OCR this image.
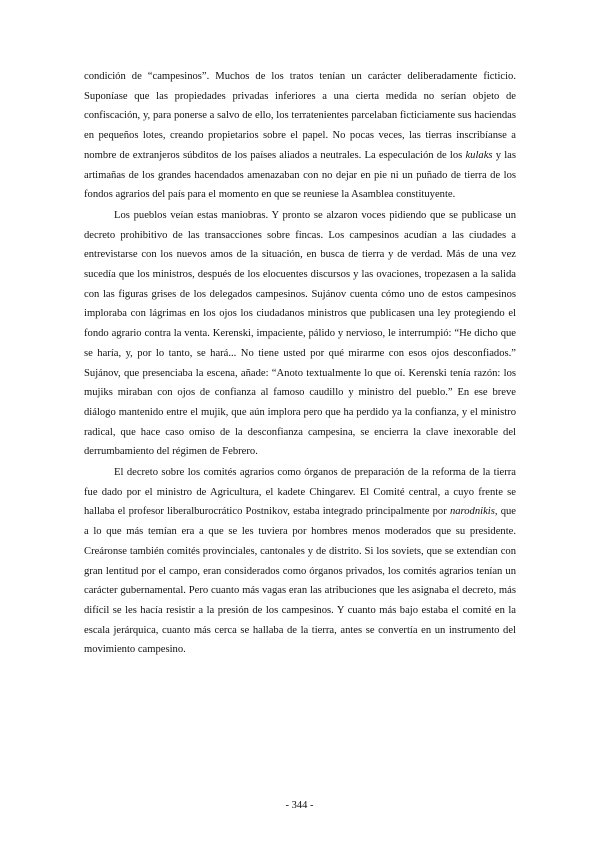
condición de “campesinos”. Muchos de los tratos tenían un carácter deliberadamente ficticio. Suponíase que las propiedades privadas inferiores a una cierta medida no serían objeto de confiscación, y, para ponerse a salvo de ello, los terratenientes parcelaban ficticiamente sus haciendas en pequeños lotes, creando propietarios sobre el papel. No pocas veces, las tierras inscribíanse a nombre de extranjeros súbditos de los países aliados a neutrales. La especulación de los kulaks y las artimañas de los grandes hacendados amenazaban con no dejar en pie ni un puñado de tierra de los fondos agrarios del país para el momento en que se reuniese la Asamblea constituyente.

Los pueblos veían estas maniobras. Y pronto se alzaron voces pidiendo que se publicase un decreto prohibitivo de las transacciones sobre fincas. Los campesinos acudían a las ciudades a entrevistarse con los nuevos amos de la situación, en busca de tierra y de verdad. Más de una vez sucedía que los ministros, después de los elocuentes discursos y las ovaciones, tropezasen a la salida con las figuras grises de los delegados campesinos. Sujánov cuenta cómo uno de estos campesinos imploraba con lágrimas en los ojos los ciudadanos ministros que publicasen una ley protegiendo el fondo agrario contra la venta. Kerenski, impaciente, pálido y nervioso, le interrumpió: “He dicho que se haría, y, por lo tanto, se hará... No tiene usted por qué mirarme con esos ojos desconfiados.” Sujánov, que presenciaba la escena, añade: “Anoto textualmente lo que oí. Kerenski tenía razón: los mujiks miraban con ojos de confianza al famoso caudillo y ministro del pueblo.” En ese breve diálogo mantenido entre el mujik, que aún implora pero que ha perdido ya la confianza, y el ministro radical, que hace caso omiso de la desconfianza campesina, se encierra la clave inexorable del derrumbamiento del régimen de Febrero.

El decreto sobre los comités agrarios como órganos de preparación de la reforma de la tierra fue dado por el ministro de Agricultura, el kadete Chingarev. El Comité central, a cuyo frente se hallaba el profesor liberalburocrático Postnikov, estaba integrado principalmente por narodnikis, que a lo que más temían era a que se les tuviera por hombres menos moderados que su presidente. Creáronse también comités provinciales, cantonales y de distrito. Si los soviets, que se extendían con gran lentitud por el campo, eran considerados como órganos privados, los comités agrarios tenían un carácter gubernamental. Pero cuanto más vagas eran las atribuciones que les asignaba el decreto, más difícil se les hacía resistir a la presión de los campesinos. Y cuanto más bajo estaba el comité en la escala jerárquica, cuanto más cerca se hallaba de la tierra, antes se convertía en un instrumento del movimiento campesino.

- 344 -
